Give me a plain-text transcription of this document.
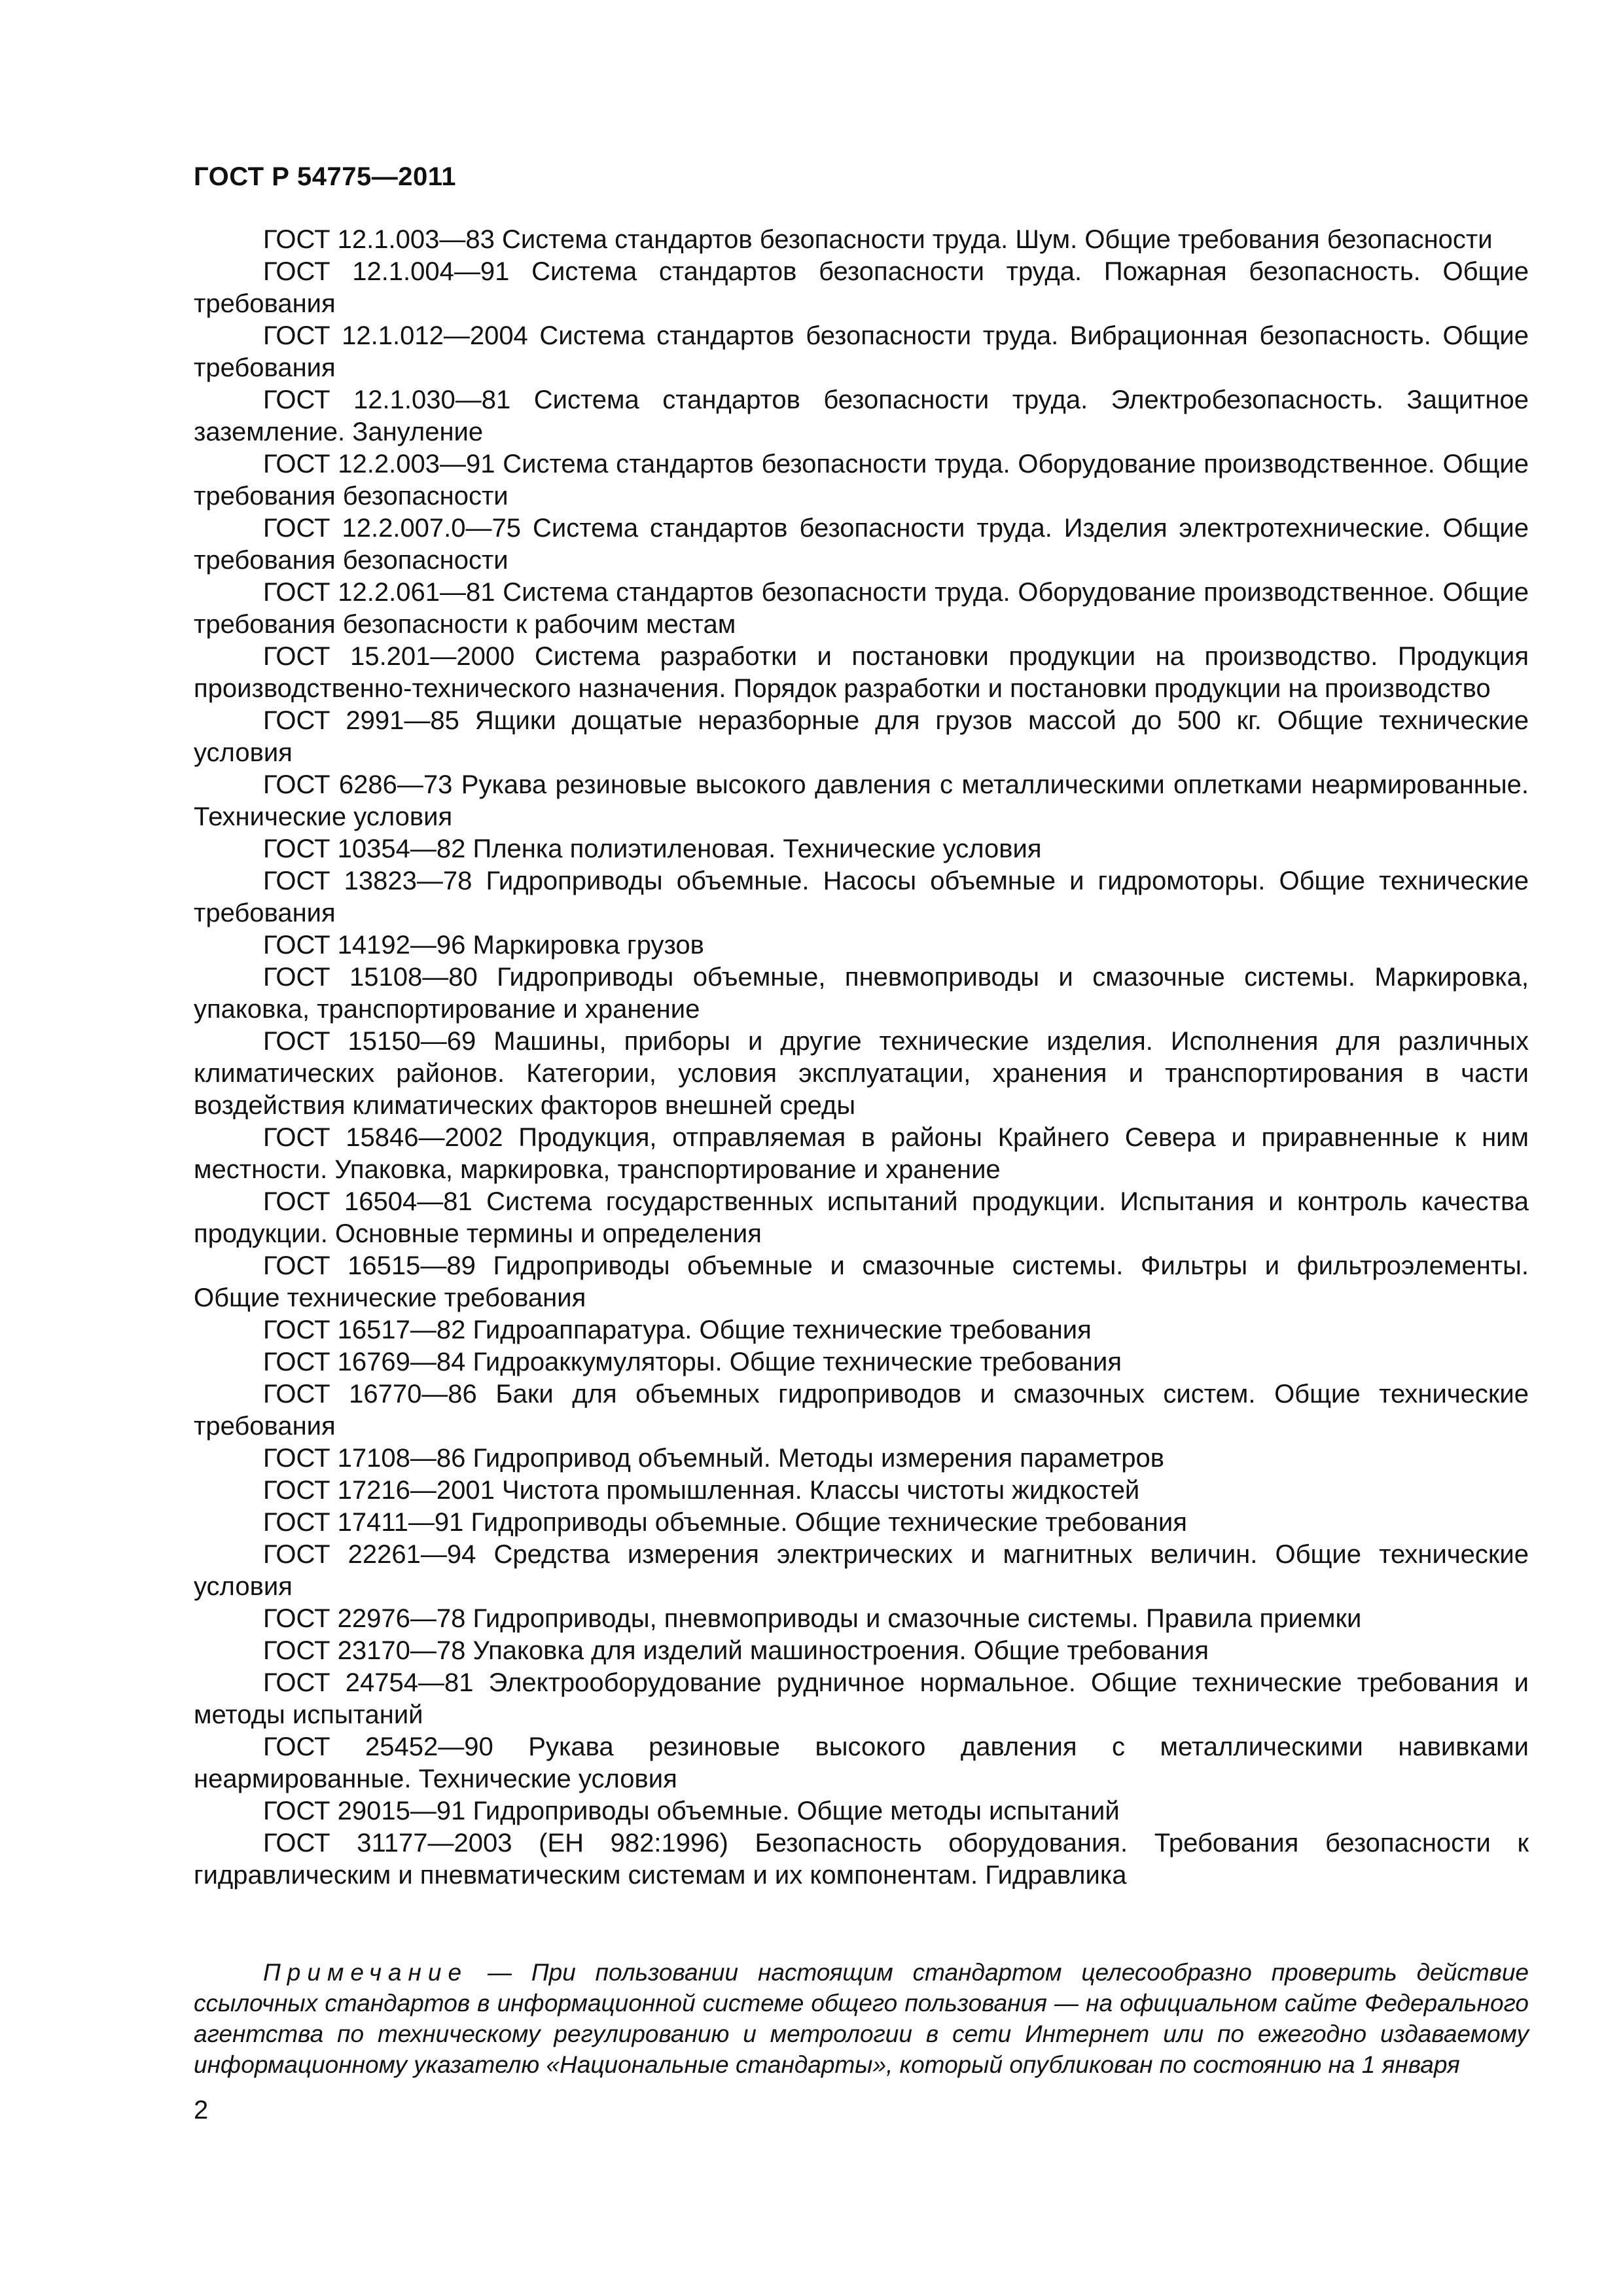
ГОСТ Р 54775—2011

ГОСТ 12.1.003—83 Система стандартов безопасности труда. Шум. Общие требования безопасности

ГОСТ 12.1.004—91 Система стандартов безопасности труда. Пожарная безопасность. Общие требования

ГОСТ 12.1.012—2004 Система стандартов безопасности труда. Вибрационная безопасность. Общие требования

ГОСТ 12.1.030—81 Система стандартов безопасности труда. Электробезопасность. Защитное заземление. Зануление

ГОСТ 12.2.003—91 Система стандартов безопасности труда. Оборудование производственное. Общие требования безопасности

ГОСТ 12.2.007.0—75 Система стандартов безопасности труда. Изделия электротехнические. Общие требования безопасности

ГОСТ 12.2.061—81 Система стандартов безопасности труда. Оборудование производственное. Общие требования безопасности к рабочим местам

ГОСТ 15.201—2000 Система разработки и постановки продукции на производство. Продукция производственно-технического назначения. Порядок разработки и постановки продукции на производство

ГОСТ 2991—85 Ящики дощатые неразборные для грузов массой до 500 кг. Общие технические условия

ГОСТ 6286—73 Рукава резиновые высокого давления с металлическими оплетками неармированные. Технические условия

ГОСТ 10354—82 Пленка полиэтиленовая. Технические условия

ГОСТ 13823—78 Гидроприводы объемные. Насосы объемные и гидромоторы. Общие технические требования

ГОСТ 14192—96 Маркировка грузов

ГОСТ 15108—80 Гидроприводы объемные, пневмоприводы и смазочные системы. Маркировка, упаковка, транспортирование и хранение

ГОСТ 15150—69 Машины, приборы и другие технические изделия. Исполнения для различных климатических районов. Категории, условия эксплуатации, хранения и транспортирования в части воздействия климатических факторов внешней среды

ГОСТ 15846—2002 Продукция, отправляемая в районы Крайнего Севера и приравненные к ним местности. Упаковка, маркировка, транспортирование и хранение

ГОСТ 16504—81 Система государственных испытаний продукции. Испытания и контроль качества продукции. Основные термины и определения

ГОСТ 16515—89 Гидроприводы объемные и смазочные системы. Фильтры и фильтроэлементы. Общие технические требования

ГОСТ 16517—82 Гидроаппаратура. Общие технические требования

ГОСТ 16769—84 Гидроаккумуляторы. Общие технические требования

ГОСТ 16770—86 Баки для объемных гидроприводов и смазочных систем. Общие технические требования

ГОСТ 17108—86 Гидропривод объемный. Методы измерения параметров

ГОСТ 17216—2001 Чистота промышленная. Классы чистоты жидкостей

ГОСТ 17411—91 Гидроприводы объемные. Общие технические требования

ГОСТ 22261—94 Средства измерения электрических и магнитных величин. Общие технические условия

ГОСТ 22976—78 Гидроприводы, пневмоприводы и смазочные системы. Правила приемки

ГОСТ 23170—78 Упаковка для изделий машиностроения. Общие требования

ГОСТ 24754—81 Электрооборудование рудничное нормальное. Общие технические требования и методы испытаний

ГОСТ 25452—90 Рукава резиновые высокого давления с металлическими навивками неармированные. Технические условия

ГОСТ 29015—91 Гидроприводы объемные. Общие методы испытаний

ГОСТ 31177—2003 (ЕН 982:1996) Безопасность оборудования. Требования безопасности к гидравлическим и пневматическим системам и их компонентам. Гидравлика

Примечание — При пользовании настоящим стандартом целесообразно проверить действие ссылочных стандартов в информационной системе общего пользования — на официальном сайте Федерального агентства по техническому регулированию и метрологии в сети Интернет или по ежегодно издаваемому информационному указателю «Национальные стандарты», который опубликован по состоянию на 1 января

2
